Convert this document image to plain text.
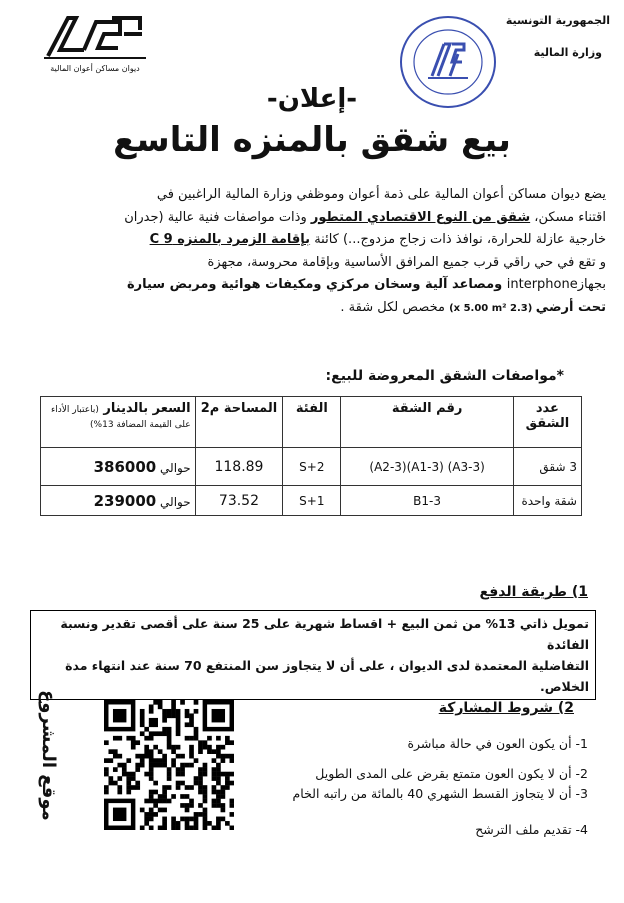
الجمهورية التونسية
وزارة المالية
ديوان مساكن أعوان المالية
-إعلان-
بيع شقق بالمنزه التاسع
يضع ديوان مساكن أعوان المالية على ذمة أعوان وموظفي وزارة المالية الراغبين في
اقتناء مسكن، شقق من النوع الاقتصادي المتطور وذات مواصفات فنية عالية (جدران
خارجية عازلة للحرارة، نوافذ ذات زجاج مزدوج...) كائنة بإقامة الزمرد بالمنزه C 9
و تقع في حي راقي قرب جميع المرافق الأساسية وبإقامة محروسة، مجهزة
بجهازinterphone ومصاعد آلية وسخان مركزي ومكيفات هوائية ومربض سيارة
تحت أرضي (2.3 x 5.00 m²) مخصص لكل شقة .
*مواصفات الشقق المعروضة للبيع:
عدد الشقق	رقم الشقة	الفئة	المساحة م2	السعر بالدينار (باعتبار الأداء على القيمة المضافة 13%)
3 شقق	(A3-3) (A1-3)(A2-3)	S+2	118.89	حوالي 386000
شقة واحدة	B1-3	S+1	73.52	حوالي 239000
1) طريقة الدفع
تمويل ذاتي 13% من ثمن البيع + اقساط شهرية على 25 سنة على أقصى تقدير ونسبة الفائدة
التفاضلية المعتمدة لدى الديوان ، على أن لا يتجاوز سن المنتفع 70 سنة عند انتهاء مدة
الخلاص.
2) شروط المشاركة
1- أن يكون العون في حالة مباشرة
2- أن لا يكون العون متمتع بقرض على المدى الطويل
3- أن لا يتجاوز القسط الشهري 40 بالمائة من راتبه الخام
4- تقديم ملف الترشح
موقع المشروع
